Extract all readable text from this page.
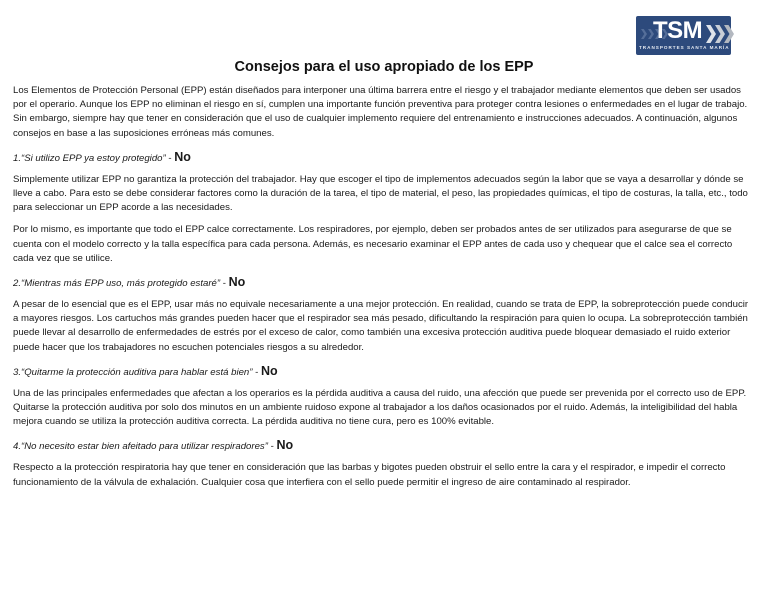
TSM
TRANSPORTES SANTA MARÍA
Consejos para el uso apropiado de los EPP

Los Elementos de Protección Personal (EPP) están diseñados para interponer una última barrera entre el riesgo y el trabajador mediante elementos que deben ser usados por el operario. Aunque los EPP no eliminan el riesgo en sí, cumplen una importante función preventiva para proteger contra lesiones o enfermedades en el lugar de trabajo. Sin embargo, siempre hay que tener en consideración que el uso de cualquier implemento requiere del entrenamiento e instrucciones adecuados. A continuación, algunos consejos en base a las suposiciones erróneas más comunes.

1.“Si utilizo EPP ya estoy protegido” - No

Simplemente utilizar EPP no garantiza la protección del trabajador. Hay que escoger el tipo de implementos adecuados según la labor que se vaya a desarrollar y dónde se lleve a cabo. Para esto se debe considerar factores como la duración de la tarea, el tipo de material, el peso, las propiedades químicas, el tipo de costuras, la talla, etc., todo para seleccionar un EPP acorde a las necesidades.

Por lo mismo, es importante que todo el EPP calce correctamente. Los respiradores, por ejemplo, deben ser probados antes de ser utilizados para asegurarse de que se cuenta con el modelo correcto y la talla específica para cada persona. Además, es necesario examinar el EPP antes de cada uso y chequear que el calce sea el correcto cada vez que se utilice.

2.“Mientras más EPP uso, más protegido estaré” - No

A pesar de lo esencial que es el EPP, usar más no equivale necesariamente a una mejor protección. En realidad, cuando se trata de EPP, la sobreprotección puede conducir a mayores riesgos. Los cartuchos más grandes pueden hacer que el respirador sea más pesado, dificultando la respiración para quien lo ocupa. La sobreprotección también puede llevar al desarrollo de enfermedades de estrés por el exceso de calor, como también una excesiva protección auditiva puede bloquear demasiado el ruido exterior puede hacer que los trabajadores no escuchen potenciales riesgos a su alrededor.

3.“Quitarme la protección auditiva para hablar está bien” - No

Una de las principales enfermedades que afectan a los operarios es la pérdida auditiva a causa del ruido, una afección que puede ser prevenida por el correcto uso de EPP. Quitarse la protección auditiva por solo dos minutos en un ambiente ruidoso expone al trabajador a los daños ocasionados por el ruido. Además, la inteligibilidad del habla mejora cuando se utiliza la protección auditiva correcta. La pérdida auditiva no tiene cura, pero es 100% evitable.

4.“No necesito estar bien afeitado para utilizar respiradores” - No

Respecto a la protección respiratoria hay que tener en consideración que las barbas y bigotes pueden obstruir el sello entre la cara y el respirador, e impedir el correcto funcionamiento de la válvula de exhalación. Cualquier cosa que interfiera con el sello puede permitir el ingreso de aire contaminado al respirador.
